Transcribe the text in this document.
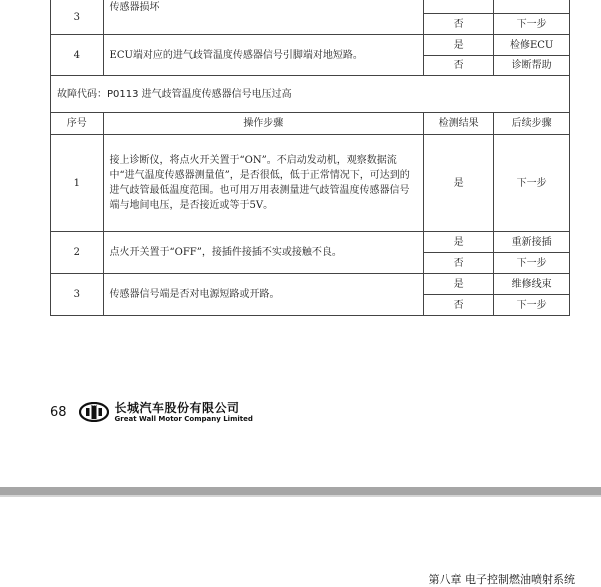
3	传感器损坏		
		否	下一步
4	ECU端对应的进气歧管温度传感器信号引脚端对地短路。	是	检修ECU
		否	诊断帮助
故障代码：P0113 进气歧管温度传感器信号电压过高			
序号	操作步骤	检测结果	后续步骤
1	接上诊断仪，将点火开关置于“ON”。不启动发动机，观察数据流中“进气温度传感器测量值”，是否很低，低于正常情况下，可达到的进气歧管最低温度范围。也可用万用表测量进气歧管温度传感器信号端与地间电压，是否接近或等于5V。	是	下一步
2	点火开关置于“OFF”，接插件接插不实或接触不良。	是	重新接插
		否	下一步
3	传感器信号端是否对电源短路或开路。	是	维修线束
		否	下一步
68	长城汽车股份有限公司
Great Wall Motor Company Limited
第八章 电子控制燃油喷射系统
